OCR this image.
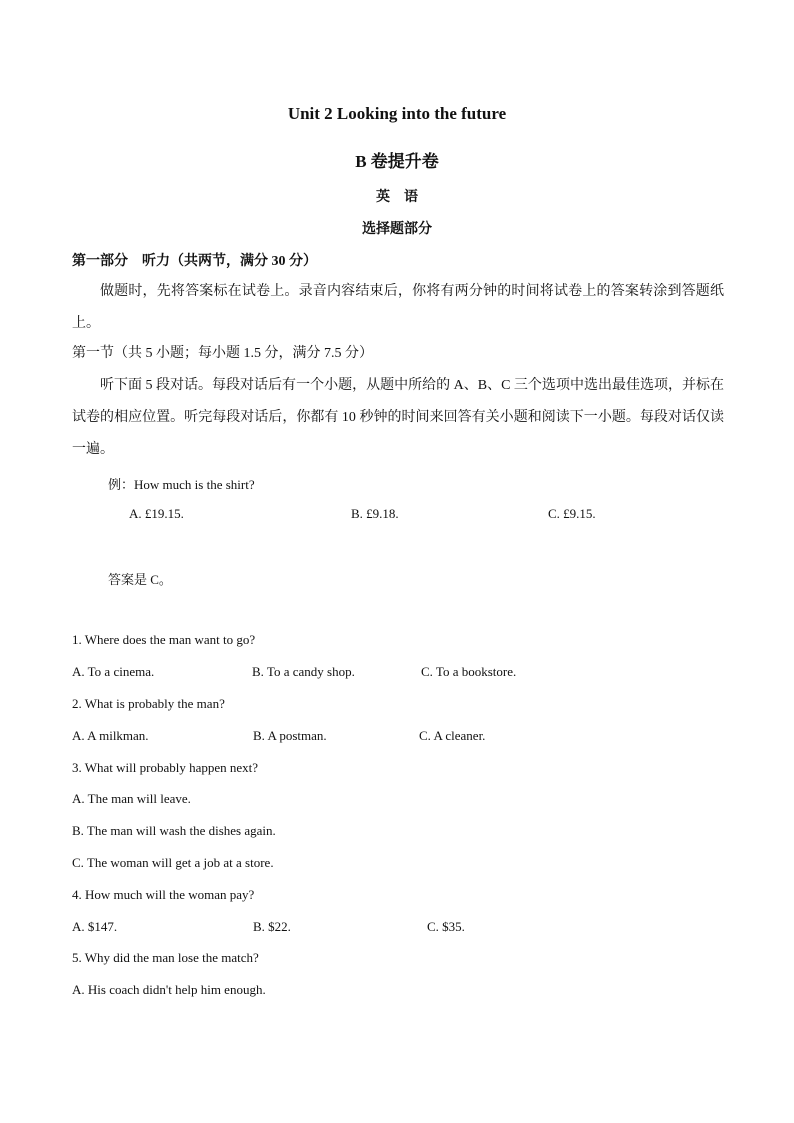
Unit 2 Looking into the future
B 卷提升卷
英语
选择题部分
第一部分　听力（共两节，满分 30 分）
做题时，先将答案标在试卷上。录音内容结束后，你将有两分钟的时间将试卷上的答案转涂到答题纸上。
第一节（共 5 小题；每小题 1.5 分，满分 7.5 分）
听下面 5 段对话。每段对话后有一个小题，从题中所给的 A、B、C 三个选项中选出最佳选项，并标在试卷的相应位置。听完每段对话后，你都有 10 秒钟的时间来回答有关小题和阅读下一小题。每段对话仅读一遍。
例：How much is the shirt?
A. £19.15.	B. £9.18.	C. £9.15.
答案是 C。
1. Where does the man want to go?
A. To a cinema.	B. To a candy shop.	C. To a bookstore.
2. What is probably the man?
A. A milkman.	B. A postman.	C. A cleaner.
3. What will probably happen next?
A. The man will leave.
B. The man will wash the dishes again.
C. The woman will get a job at a store.
4. How much will the woman pay?
A. $147.	B. $22.	C. $35.
5. Why did the man lose the match?
A. His coach didn't help him enough.
